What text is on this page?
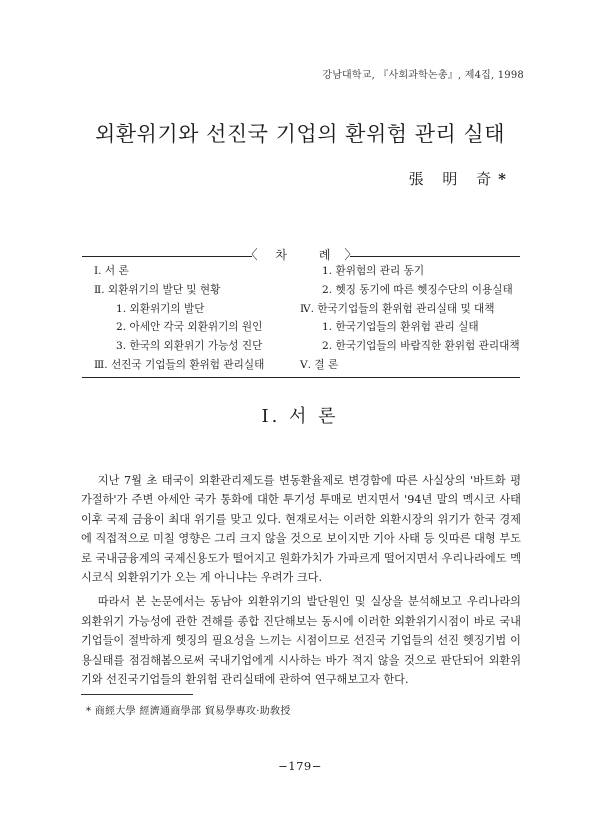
강남대학교, 『사회과학논총』, 제4집, 1998
외환위기와 선진국 기업의 환위험 관리 실태
張 明 奇*
〈 차 례〉
Ⅰ. 서 론
Ⅱ. 외환위기의 발단 및 현황
1. 외환위기의 발단
2. 아세안 각국 외환위기의 원인
3. 한국의 외환위기 가능성 진단
Ⅲ. 선진국 기업들의 환위험 관리실태
1. 환위험의 관리 동기
2. 헷징 동기에 따른 헷징수단의 이용실태
Ⅳ. 한국기업들의 환위험 관리실태 및 대책
1. 한국기업들의 환위험 관리 실태
2. 한국기업들의 바람직한 환위험 관리대책
Ⅴ. 결 론
I. 서 론

지난 7월 초 태국이 외환관리제도를 변동환율제로 변경함에 따른 사실상의 '바트화 평가절하'가 주변 아세안 국가 통화에 대한 투기성 투매로 번지면서 '94년 말의 멕시코 사태 이후 국제 금융이 최대 위기를 맞고 있다. 현재로서는 이러한 외환시장의 위기가 한국 경제에 직접적으로 미칠 영향은 그리 크지 않을 것으로 보이지만 기아 사태 등 잇따른 대형 부도로 국내금융계의 국제신용도가 떨어지고 원화가치가 가파르게 떨어지면서 우리나라에도 멕시코식 외환위기가 오는 게 아니냐는 우려가 크다.

따라서 본 논문에서는 동남아 외환위기의 발단원인 및 실상을 분석해보고 우리나라의 외환위기 가능성에 관한 견해를 종합 진단해보는 동시에 이러한 외환위기시점이 바로 국내기업들이 절박하게 헷징의 필요성을 느끼는 시점이므로 선진국 기업들의 선진 헷징기법 이용실태를 점검해봄으로써 국내기업에게 시사하는 바가 적지 않을 것으로 판단되어 외환위기와 선진국기업들의 환위험 관리실태에 관하여 연구해보고자 한다.

* 商經大學 經濟通商學部 貿易學專攻·助敎授
−179−
